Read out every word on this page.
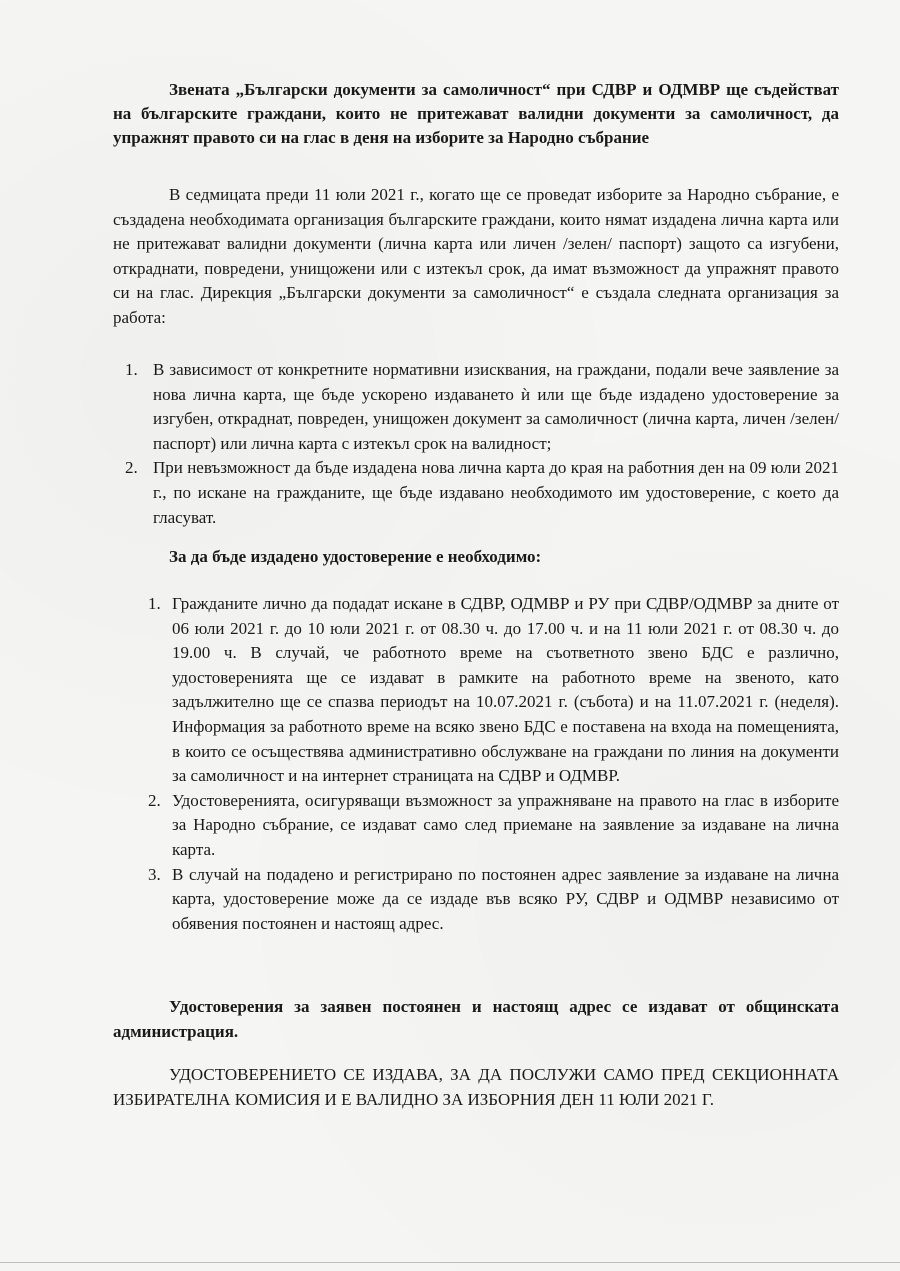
Звената „Български документи за самоличност“ при СДВР и ОДМВР ще съдействат на българските граждани, които не притежават валидни документи за самоличност, да упражнят правото си на глас в деня на изборите за Народно събрание
В седмицата преди 11 юли 2021 г., когато ще се проведат изборите за Народно събрание, е създадена необходимата организация българските граждани, които нямат издадена лична карта или не притежават валидни документи (лична карта или личен /зелен/ паспорт) защото са изгубени, откраднати, повредени, унищожени или с изтекъл срок, да имат възможност да упражнят правото си на глас. Дирекция „Български документи за самоличност“ е създала следната организация за работа:
1. В зависимост от конкретните нормативни изисквания, на граждани, подали вече заявление за нова лична карта, ще бъде ускорено издаването ѝ или ще бъде издадено удостоверение за изгубен, откраднат, повреден, унищожен документ за самоличност (лична карта, личен /зелен/ паспорт) или лична карта с изтекъл срок на валидност;
2. При невъзможност да бъде издадена нова лична карта до края на работния ден на 09 юли 2021 г., по искане на гражданите, ще бъде издавано необходимото им удостоверение, с което да гласуват.
За да бъде издадено удостоверение е необходимо:
1. Гражданите лично да подадат искане в СДВР, ОДМВР и РУ при СДВР/ОДМВР за дните от 06 юли 2021 г. до 10 юли 2021 г. от 08.30 ч. до 17.00 ч. и на 11 юли 2021 г. от 08.30 ч. до 19.00 ч. В случай, че работното време на съответното звено БДС е различно, удостоверенията ще се издават в рамките на работното време на звеното, като задължително ще се спазва периодът на 10.07.2021 г. (събота) и на 11.07.2021 г. (неделя). Информация за работното време на всяко звено БДС е поставена на входа на помещенията, в които се осъществява административно обслужване на граждани по линия на документи за самоличност и на интернет страницата на СДВР и ОДМВР.
2. Удостоверенията, осигуряващи възможност за упражняване на правото на глас в изборите за Народно събрание, се издават само след приемане на заявление за издаване на лична карта.
3. В случай на подадено и регистрирано по постоянен адрес заявление за издаване на лична карта, удостоверение може да се издаде във всяко РУ, СДВР и ОДМВР независимо от обявения постоянен и настоящ адрес.
Удостоверения за заявен постоянен и настоящ адрес се издават от общинската администрация.
УДОСТОВЕРЕНИЕТО СЕ ИЗДАВА, ЗА ДА ПОСЛУЖИ САМО ПРЕД СЕКЦИОННАТА ИЗБИРАТЕЛНА КОМИСИЯ И Е ВАЛИДНО ЗА ИЗБОРНИЯ ДЕН 11 ЮЛИ 2021 Г.
